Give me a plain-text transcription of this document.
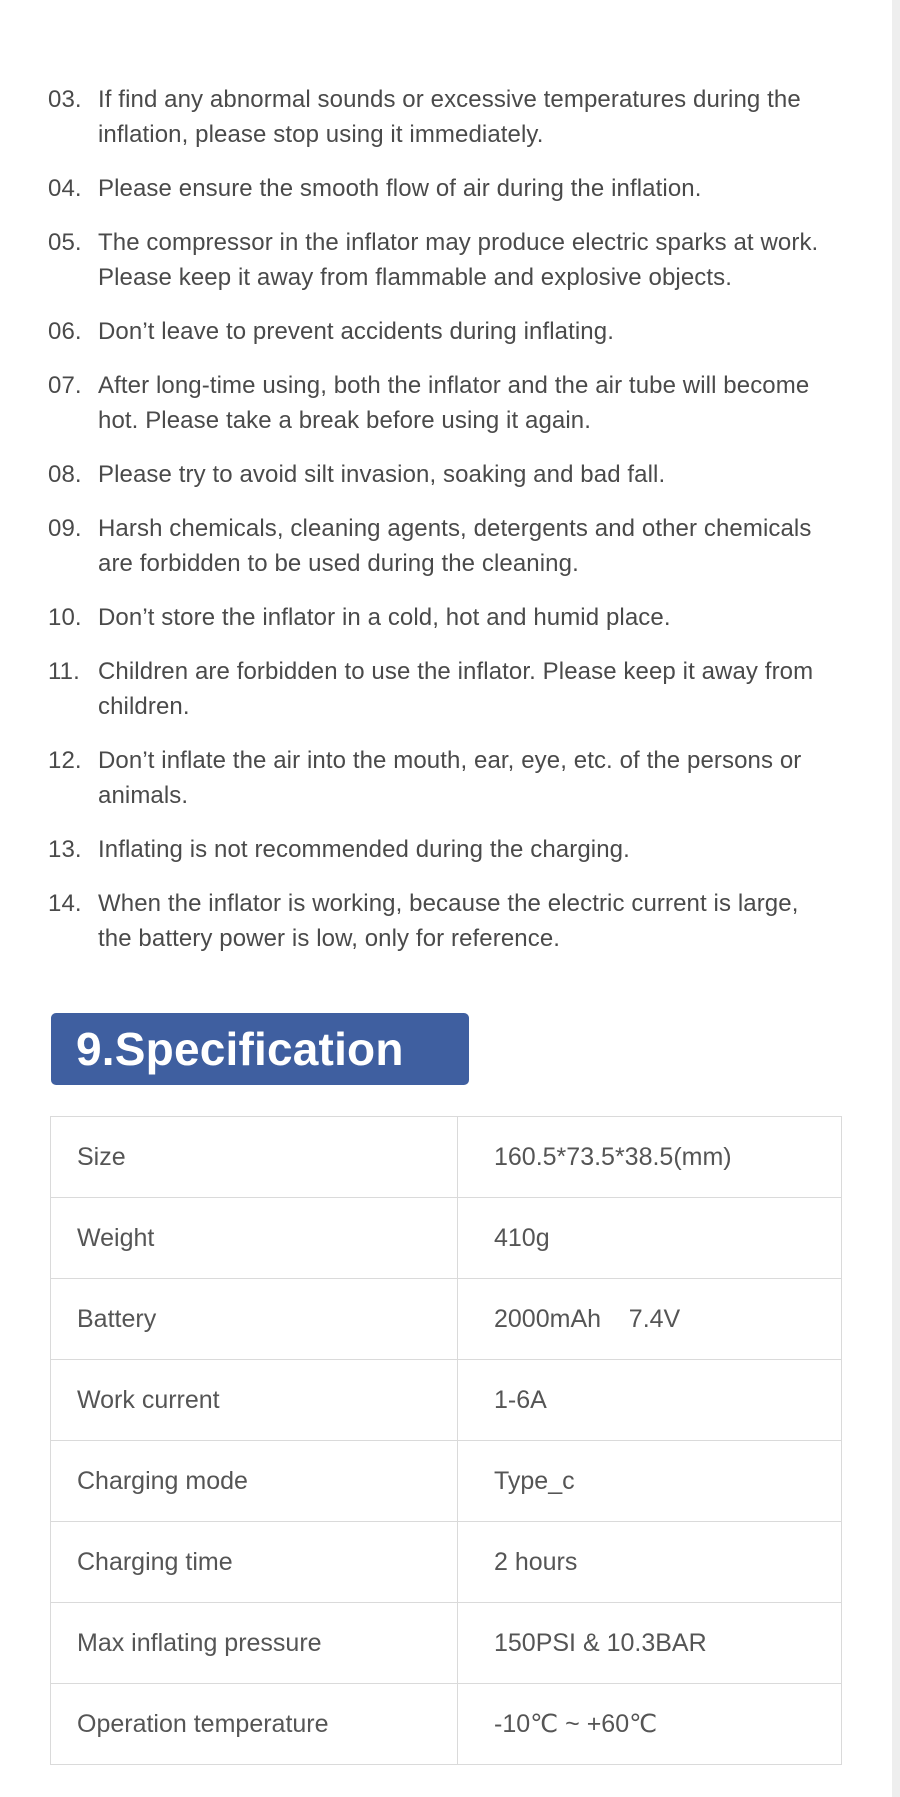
03. If find any abnormal sounds or excessive temperatures during the inflation, please stop using it immediately.
04. Please ensure the smooth flow of air during the inflation.
05. The compressor in the inflator may produce electric sparks at work. Please keep it away from flammable and explosive objects.
06. Don’t leave to prevent accidents during inflating.
07. After long-time using, both the inflator and the air tube will become hot. Please take a break before using it again.
08. Please try to avoid silt invasion, soaking and bad fall.
09. Harsh chemicals, cleaning agents, detergents and other chemicals are forbidden to be used during the cleaning.
10. Don’t store the inflator in a cold, hot and humid place.
11. Children are forbidden to use the inflator. Please keep it away from children.
12. Don’t inflate the air into the mouth, ear, eye, etc. of the persons or animals.
13. Inflating is not recommended during the charging.
14. When the inflator is working, because the electric current is large, the battery power is low, only for reference.
9.Specification
Size	160.5*73.5*38.5(mm)
Weight	410g
Battery	2000mAh    7.4V
Work current	1-6A
Charging mode	Type_c
Charging time	2 hours
Max inflating pressure	150PSI & 10.3BAR
Operation temperature	-10℃ ~ +60℃
